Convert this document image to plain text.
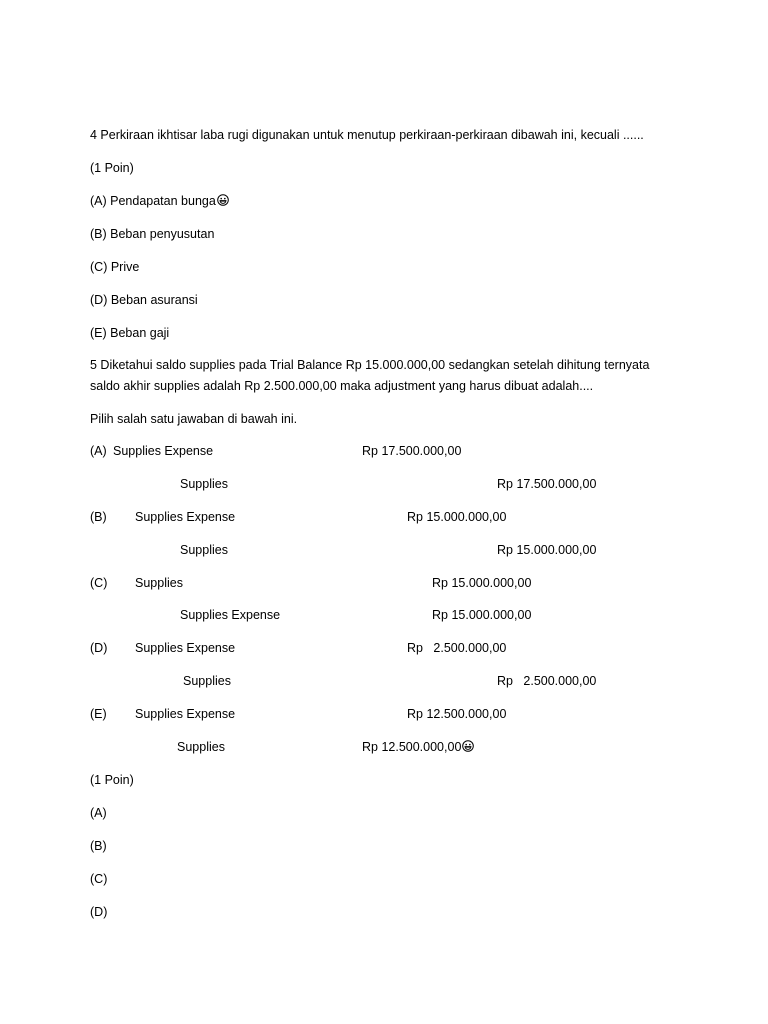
4 Perkiraan ikhtisar laba rugi digunakan untuk menutup perkiraan-perkiraan dibawah ini, kecuali ......
(1 Poin)
(A) Pendapatan bunga
(B) Beban penyusutan
(C) Prive
(D) Beban asuransi
(E) Beban gaji
5 Diketahui saldo supplies pada Trial Balance Rp 15.000.000,00 sedangkan setelah dihitung ternyata
saldo akhir supplies adalah Rp 2.500.000,00 maka adjustment yang harus dibuat adalah....
Pilih salah satu jawaban di bawah ini.
(A) Supplies Expense	Rp 17.500.000,00
Supplies	Rp 17.500.000,00
(B) Supplies Expense	Rp 15.000.000,00
Supplies	Rp 15.000.000,00
(C) Supplies	Rp 15.000.000,00
Supplies Expense	Rp 15.000.000,00
(D) Supplies Expense	Rp   2.500.000,00
Supplies	Rp   2.500.000,00
(E) Supplies Expense	Rp 12.500.000,00
Supplies	Rp 12.500.000,00
(1 Poin)
(A)
(B)
(C)
(D)
